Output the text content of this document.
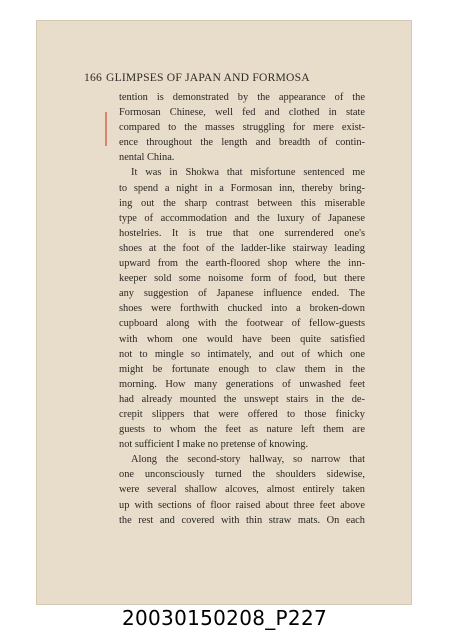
166 GLIMPSES OF JAPAN AND FORMOSA
tention is demonstrated by the appearance of the
Formosan Chinese, well fed and clothed in state
compared to the masses struggling for mere exist-
ence throughout the length and breadth of contin-
nental China.
It was in Shokwa that misfortune sentenced me
to spend a night in a Formosan inn, thereby bring-
ing out the sharp contrast between this miserable
type of accommodation and the luxury of Japanese
hostelries. It is true that one surrendered one's
shoes at the foot of the ladder-like stairway leading
upward from the earth-floored shop where the inn-
keeper sold some noisome form of food, but there
any suggestion of Japanese influence ended. The
shoes were forthwith chucked into a broken-down
cupboard along with the footwear of fellow-guests
with whom one would have been quite satisfied
not to mingle so intimately, and out of which one
might be fortunate enough to claw them in the
morning. How many generations of unwashed feet
had already mounted the unswept stairs in the de-
crepit slippers that were offered to those finicky
guests to whom the feet as nature left them are
not sufficient I make no pretense of knowing.
Along the second-story hallway, so narrow that
one unconsciously turned the shoulders sidewise,
were several shallow alcoves, almost entirely taken
up with sections of floor raised about three feet above
the rest and covered with thin straw mats. On each
20030150208_P227
